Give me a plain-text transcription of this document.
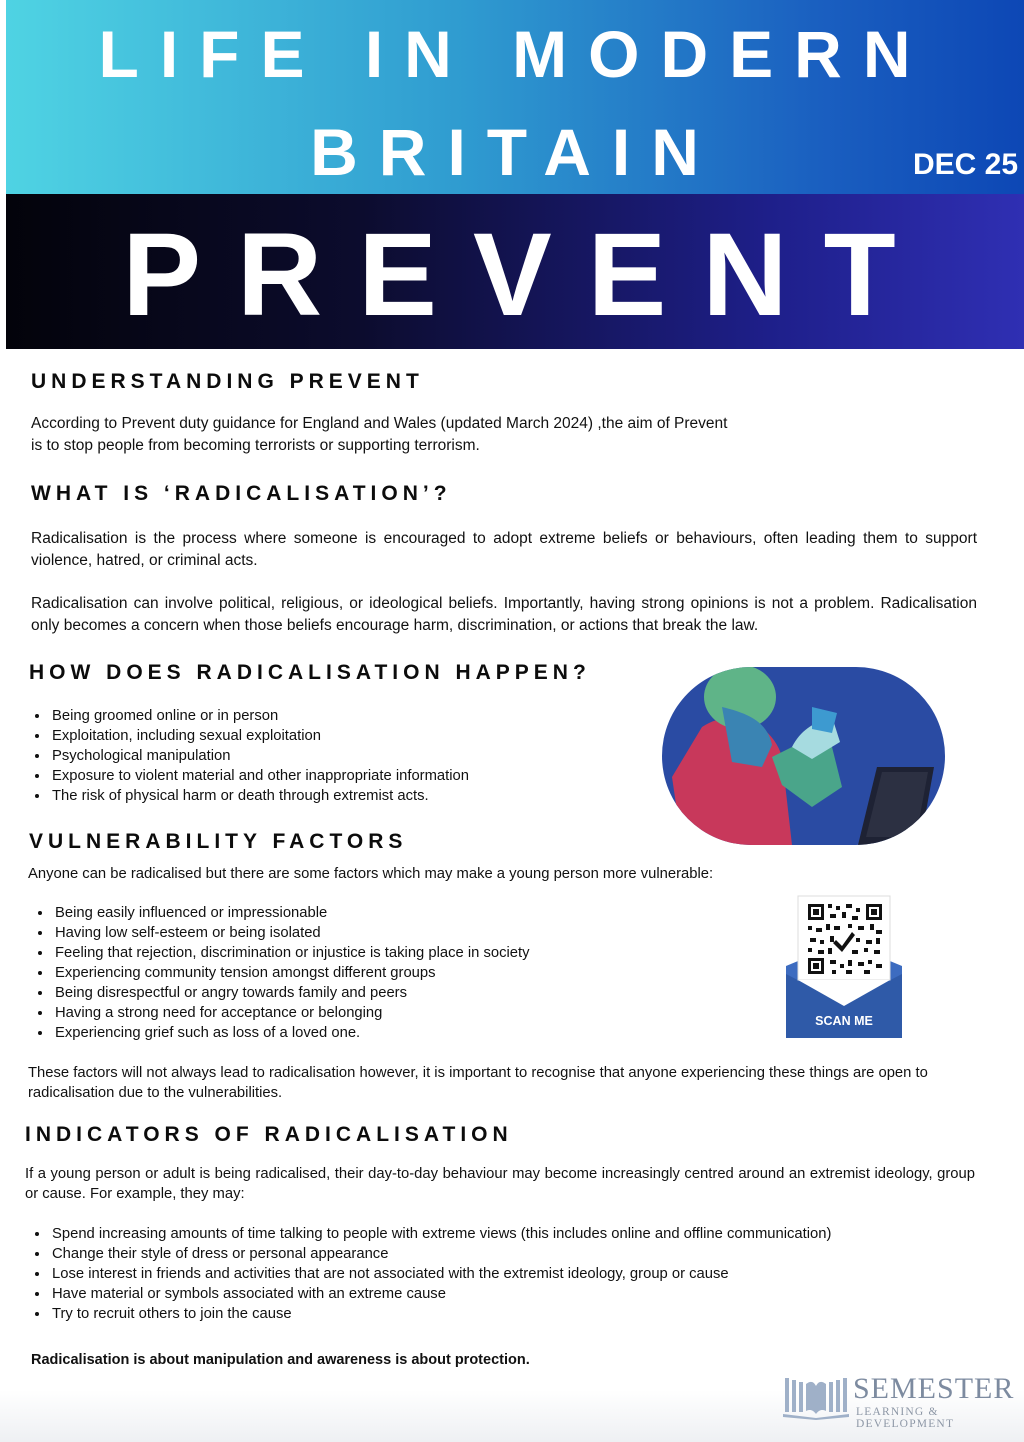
LIFE IN MODERN
BRITAIN	DEC 25
PREVENT
UNDERSTANDING PREVENT
According to Prevent duty guidance for England and Wales (updated March 2024) ,the aim of Prevent
is to stop people from becoming terrorists or supporting terrorism.
WHAT IS ‘RADICALISATION’?
Radicalisation is the process where someone is encouraged to adopt extreme beliefs or behaviours, often leading them to support violence, hatred, or criminal acts.
Radicalisation can involve political, religious, or ideological beliefs. Importantly, having strong opinions is not a problem. Radicalisation only becomes a concern when those beliefs encourage harm, discrimination, or actions that break the law.
HOW DOES RADICALISATION HAPPEN?
• Being groomed online or in person
• Exploitation, including sexual exploitation
• Psychological manipulation
• Exposure to violent material and other inappropriate information
• The risk of physical harm or death through extremist acts.
VULNERABILITY FACTORS
Anyone can be radicalised but there are some factors which may make a young person more vulnerable:
• Being easily influenced or impressionable
• Having low self-esteem or being isolated
• Feeling that rejection, discrimination or injustice is taking place in society
• Experiencing community tension amongst different groups
• Being disrespectful or angry towards family and peers
• Having a strong need for acceptance or belonging
• Experiencing grief such as loss of a loved one.
SCAN ME
These factors will not always lead to radicalisation however, it is important to recognise that anyone experiencing these things are open to radicalisation due to the vulnerabilities.
INDICATORS OF RADICALISATION
If a young person or adult is being radicalised, their day-to-day behaviour may become increasingly centred around an extremist ideology, group or cause. For example, they may:
• Spend increasing amounts of time talking to people with extreme views (this includes online and offline communication)
• Change their style of dress or personal appearance
• Lose interest in friends and activities that are not associated with the extremist ideology, group or cause
• Have material or symbols associated with an extreme cause
• Try to recruit others to join the cause
Radicalisation is about manipulation and awareness is about protection.
SEMESTER
LEARNING & DEVELOPMENT
